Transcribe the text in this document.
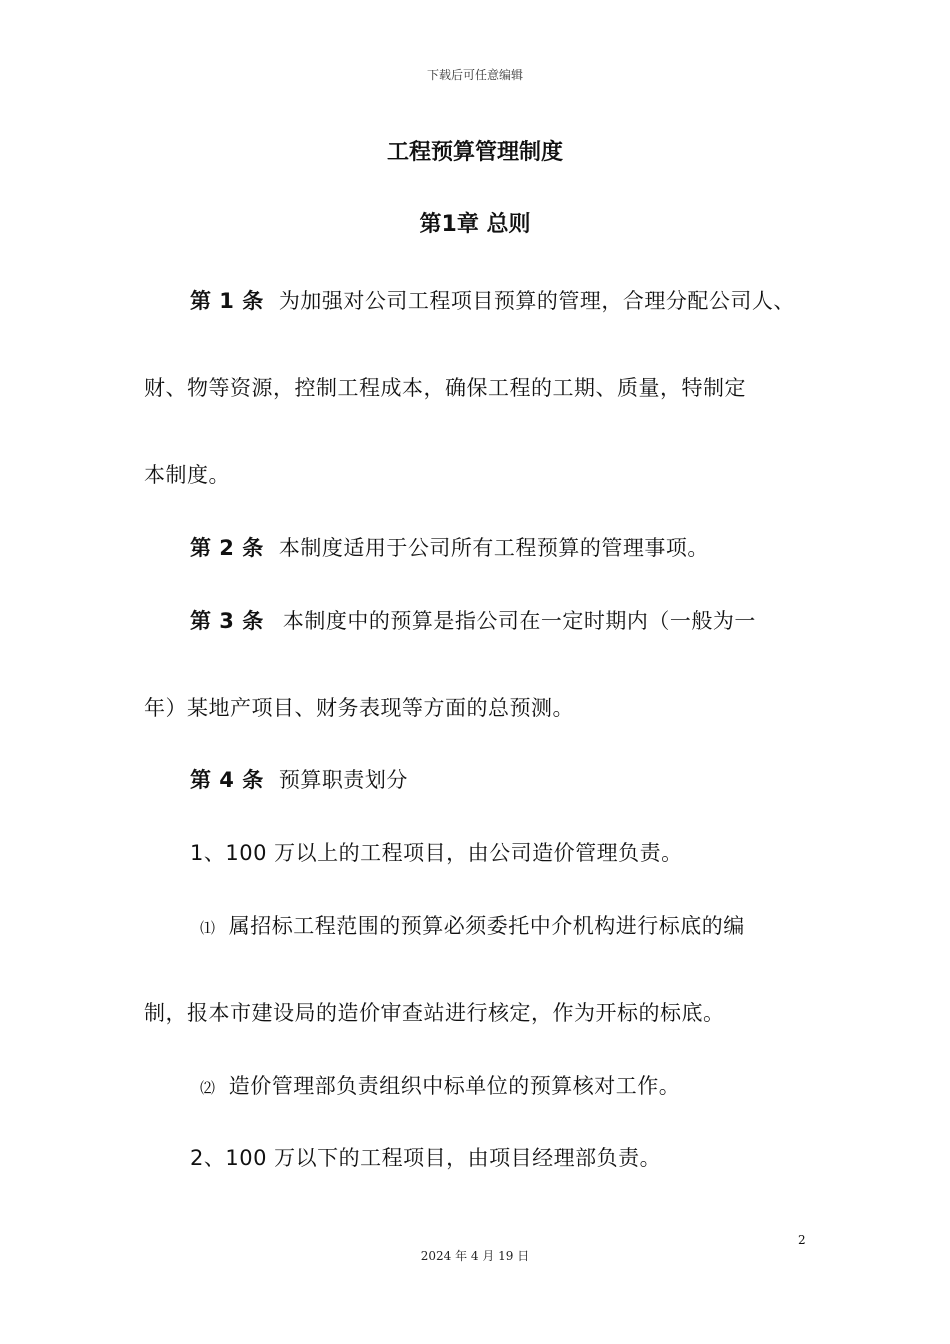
下载后可任意编辑
工程预算管理制度
第1章 总则
第 1 条 为加强对公司工程项目预算的管理，合理分配公司人、
财、物等资源，控制工程成本，确保工程的工期、质量，特制定
本制度。
第 2 条 本制度适用于公司所有工程预算的管理事项。
第 3 条 本制度中的预算是指公司在一定时期内（一般为一
年）某地产项目、财务表现等方面的总预测。
第 4 条 预算职责划分
1、100 万以上的工程项目，由公司造价管理负责。
⑴ 属招标工程范围的预算必须委托中介机构进行标底的编
制，报本市建设局的造价审查站进行核定，作为开标的标底。
⑵ 造价管理部负责组织中标单位的预算核对工作。
2、100 万以下的工程项目，由项目经理部负责。
2
2024 年 4 月 19 日
